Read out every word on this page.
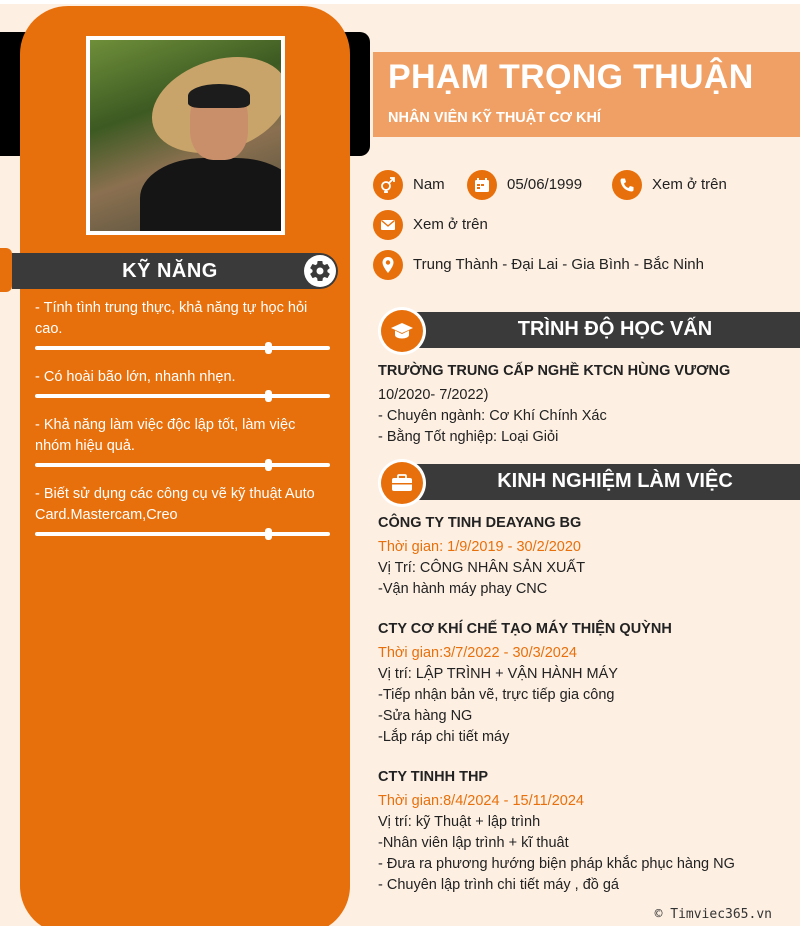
KỸ NĂNG
- Tính tình trung thực, khả năng tự học hỏi cao.
- Có hoài bão lớn, nhanh nhẹn.
- Khả năng làm việc độc lập tốt, làm việc nhóm hiệu quả.
- Biết sử dụng các công cụ vẽ kỹ thuật Auto Card.Mastercam,Creo
PHẠM TRỌNG THUẬN
NHÂN VIÊN KỸ THUẬT CƠ KHÍ
Nam	05/06/1999	Xem ở trên
Xem ở trên
Trung Thành - Đại Lai - Gia Bình - Bắc Ninh
TRÌNH ĐỘ HỌC VẤN
TRƯỜNG TRUNG CẤP NGHỀ KTCN HÙNG VƯƠNG
10/2020- 7/2022)
- Chuyên ngành: Cơ Khí Chính Xác
- Bằng Tốt nghiệp: Loại Giỏi
KINH NGHIỆM LÀM VIỆC
CÔNG TY TINH DEAYANG BG
Thời gian: 1/9/2019 - 30/2/2020
Vị Trí: CÔNG NHÂN SẢN XUẤT
-Vận hành máy phay CNC
CTY CƠ KHÍ CHẾ TẠO MÁY THIỆN QUỲNH
Thời gian:3/7/2022 - 30/3/2024
Vị trí: LẬP TRÌNH + VẬN HÀNH MÁY
-Tiếp nhận bản vẽ, trực tiếp gia công
-Sửa hàng NG
-Lắp ráp chi tiết máy
CTY TINHH THP
Thời gian:8/4/2024 - 15/11/2024
Vị trí: kỹ Thuật + lập trình
-Nhân viên lập trình + kĩ thuât
- Đưa ra phương hướng biện pháp khắc phục hàng NG
- Chuyên lập trình chi tiết máy , đồ gá
© Timviec365.vn
